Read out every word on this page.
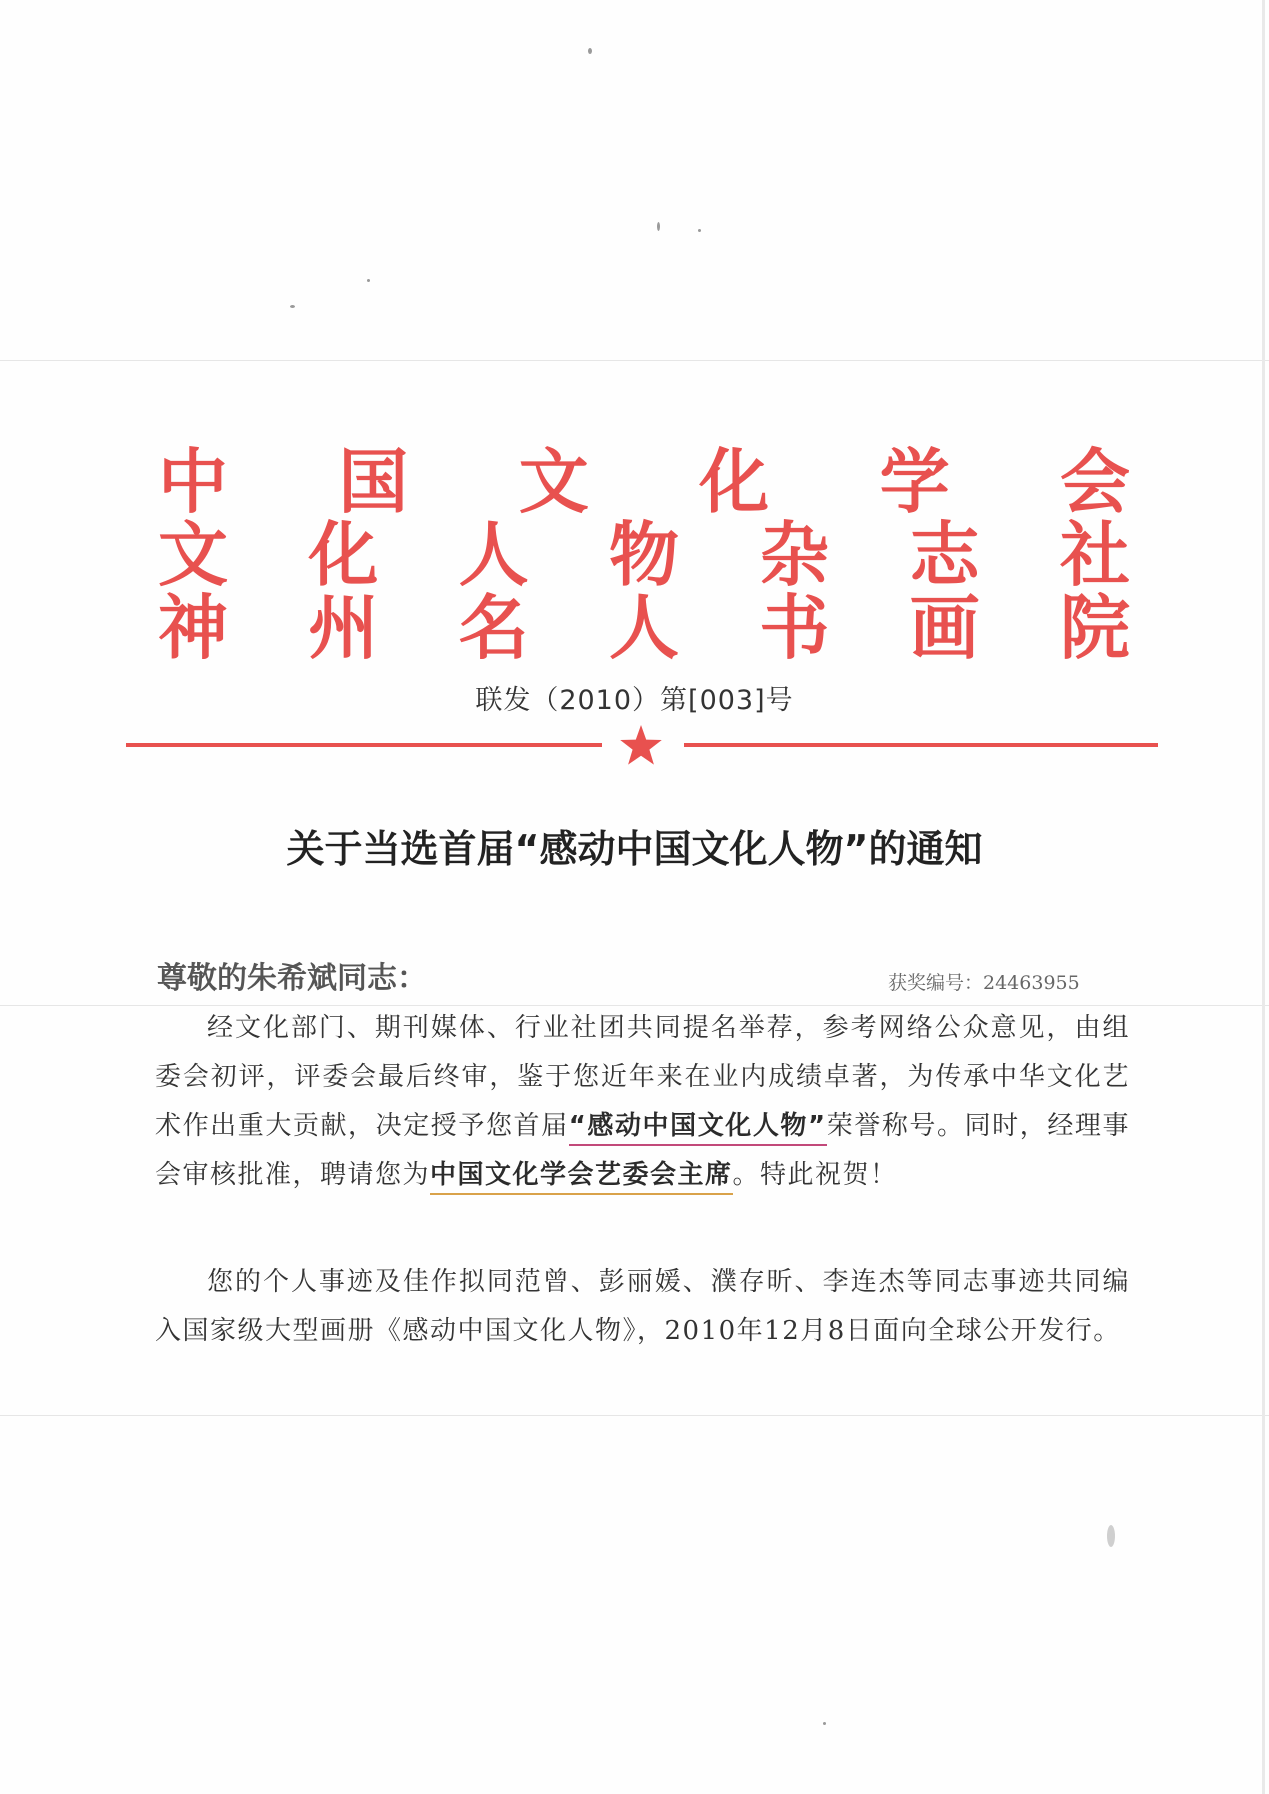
中 国 文 化 学 会
文 化 人 物 杂 志 社
神 州 名 人 书 画 院
联发（2010）第[003]号
关于当选首届“感动中国文化人物”的通知
尊敬的朱希斌同志：	获奖编号：24463955

经文化部门、期刊媒体、行业社团共同提名举荐，参考网络公众意见，由组委会初评，评委会最后终审，鉴于您近年来在业内成绩卓著，为传承中华文化艺术作出重大贡献，决定授予您首届“感动中国文化人物”荣誉称号。同时，经理事会审核批准，聘请您为中国文化学会艺委会主席。特此祝贺！

您的个人事迹及佳作拟同范曾、彭丽媛、濮存昕、李连杰等同志事迹共同编入国家级大型画册《感动中国文化人物》，2010年12月8日面向全球公开发行。
